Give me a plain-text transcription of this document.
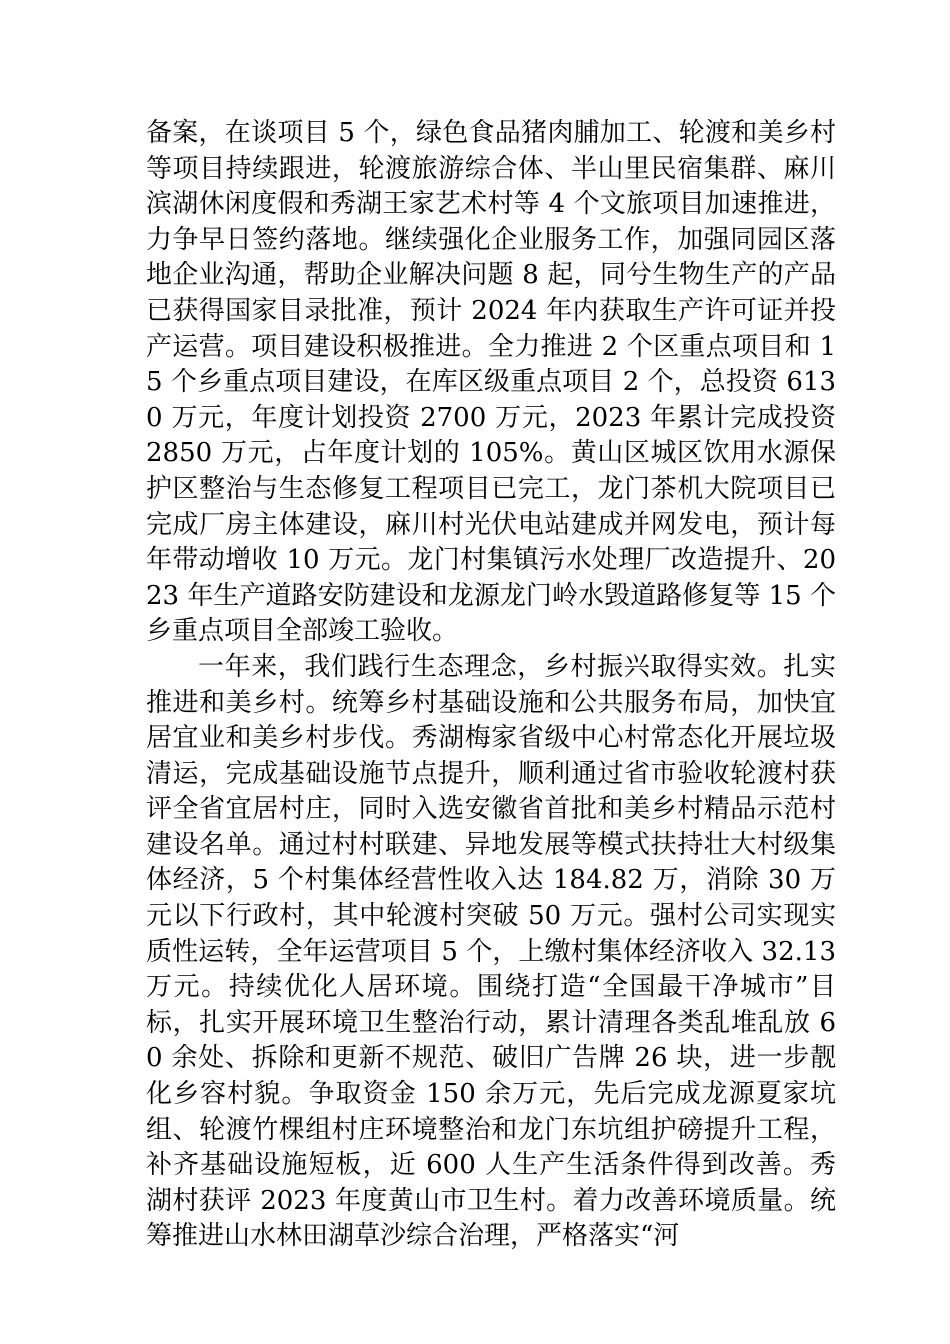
备案，在谈项目 5 个，绿色食品猪肉脯加工、轮渡和美乡村等项目持续跟进，轮渡旅游综合体、半山里民宿集群、麻川滨湖休闲度假和秀湖王家艺术村等 4 个文旅项目加速推进，力争早日签约落地。继续强化企业服务工作，加强同园区落地企业沟通，帮助企业解决问题 8 起，同兮生物生产的产品已获得国家目录批准，预计 2024 年内获取生产许可证并投产运营。项目建设积极推进。全力推进 2 个区重点项目和 15 个乡重点项目建设，在库区级重点项目 2 个，总投资 6130 万元，年度计划投资 2700 万元，2023 年累计完成投资 2850 万元，占年度计划的 105%。黄山区城区饮用水源保护区整治与生态修复工程项目已完工，龙门茶机大院项目已完成厂房主体建设，麻川村光伏电站建成并网发电，预计每年带动增收 10 万元。龙门村集镇污水处理厂改造提升、2023 年生产道路安防建设和龙源龙门岭水毁道路修复等 15 个乡重点项目全部竣工验收。

一年来，我们践行生态理念，乡村振兴取得实效。扎实推进和美乡村。统筹乡村基础设施和公共服务布局，加快宜居宜业和美乡村步伐。秀湖梅家省级中心村常态化开展垃圾清运，完成基础设施节点提升，顺利通过省市验收轮渡村获评全省宜居村庄，同时入选安徽省首批和美乡村精品示范村建设名单。通过村村联建、异地发展等模式扶持壮大村级集体经济，5 个村集体经营性收入达 184.82 万，消除 30 万元以下行政村，其中轮渡村突破 50 万元。强村公司实现实质性运转，全年运营项目 5 个，上缴村集体经济收入 32.13 万元。持续优化人居环境。围绕打造“全国最干净城市”目标，扎实开展环境卫生整治行动，累计清理各类乱堆乱放 60 余处、拆除和更新不规范、破旧广告牌 26 块，进一步靓化乡容村貌。争取资金 150 余万元，先后完成龙源夏家坑组、轮渡竹棵组村庄环境整治和龙门东坑组护磅提升工程，补齐基础设施短板，近 600 人生产生活条件得到改善。秀湖村获评 2023 年度黄山市卫生村。着力改善环境质量。统筹推进山水林田湖草沙综合治理，严格落实“河
